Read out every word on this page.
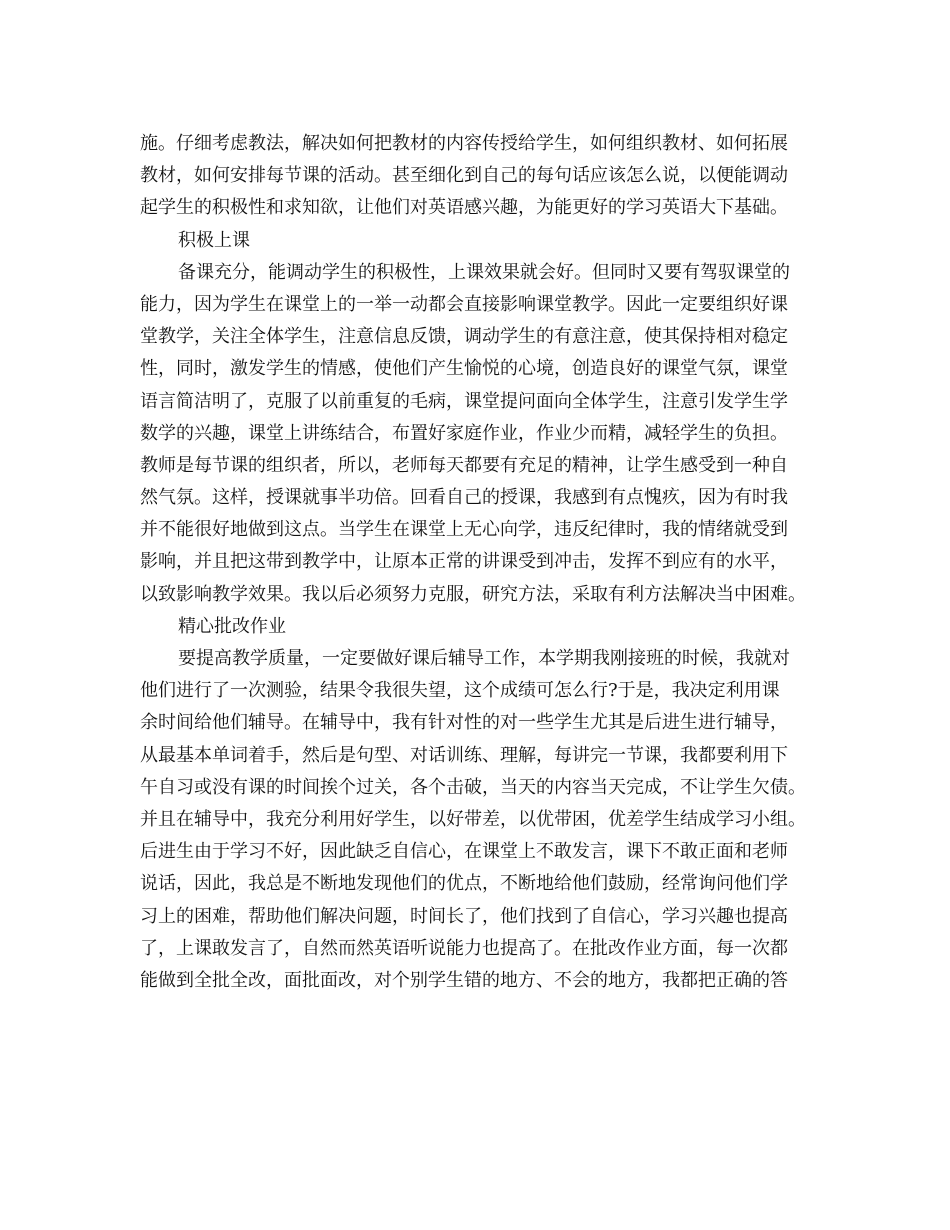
施。仔细考虑教法，解决如何把教材的内容传授给学生，如何组织教材、如何拓展
教材，如何安排每节课的活动。甚至细化到自己的每句话应该怎么说，以便能调动
起学生的积极性和求知欲，让他们对英语感兴趣，为能更好的学习英语大下基础。
积极上课
备课充分，能调动学生的积极性，上课效果就会好。但同时又要有驾驭课堂的
能力，因为学生在课堂上的一举一动都会直接影响课堂教学。因此一定要组织好课
堂教学，关注全体学生，注意信息反馈，调动学生的有意注意，使其保持相对稳定
性，同时，激发学生的情感，使他们产生愉悦的心境，创造良好的课堂气氛，课堂
语言简洁明了，克服了以前重复的毛病，课堂提问面向全体学生，注意引发学生学
数学的兴趣，课堂上讲练结合，布置好家庭作业，作业少而精，减轻学生的负担。
教师是每节课的组织者，所以，老师每天都要有充足的精神，让学生感受到一种自
然气氛。这样，授课就事半功倍。回看自己的授课，我感到有点愧疚，因为有时我
并不能很好地做到这点。当学生在课堂上无心向学，违反纪律时，我的情绪就受到
影响，并且把这带到教学中，让原本正常的讲课受到冲击，发挥不到应有的水平，
以致影响教学效果。我以后必须努力克服，研究方法，采取有利方法解决当中困难。
精心批改作业
要提高教学质量，一定要做好课后辅导工作，本学期我刚接班的时候，我就对
他们进行了一次测验，结果令我很失望，这个成绩可怎么行?于是，我决定利用课
余时间给他们辅导。在辅导中，我有针对性的对一些学生尤其是后进生进行辅导，
从最基本单词着手，然后是句型、对话训练、理解，每讲完一节课，我都要利用下
午自习或没有课的时间挨个过关，各个击破，当天的内容当天完成，不让学生欠债。
并且在辅导中，我充分利用好学生，以好带差，以优带困，优差学生结成学习小组。
后进生由于学习不好，因此缺乏自信心，在课堂上不敢发言，课下不敢正面和老师
说话，因此，我总是不断地发现他们的优点，不断地给他们鼓励，经常询问他们学
习上的困难，帮助他们解决问题，时间长了，他们找到了自信心，学习兴趣也提高
了，上课敢发言了，自然而然英语听说能力也提高了。在批改作业方面，每一次都
能做到全批全改，面批面改，对个别学生错的地方、不会的地方，我都把正确的答
